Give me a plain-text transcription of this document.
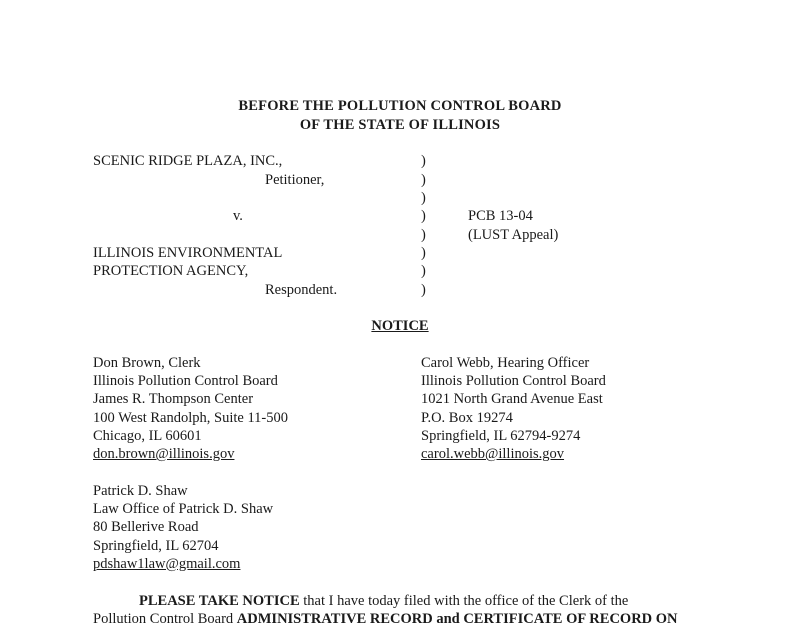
BEFORE THE POLLUTION CONTROL BOARD
OF THE STATE OF ILLINOIS
SCENIC RIDGE PLAZA, INC.,
Petitioner,
v.
ILLINOIS ENVIRONMENTAL
PROTECTION AGENCY,
Respondent.
)
)
)
)
)
)
)
)
PCB 13-04
(LUST Appeal)
NOTICE
Don Brown, Clerk
Illinois Pollution Control Board
James R. Thompson Center
100 West Randolph, Suite 11-500
Chicago, IL 60601
don.brown@illinois.gov
Carol Webb, Hearing Officer
Illinois Pollution Control Board
1021 North Grand Avenue East
P.O. Box 19274
Springfield, IL 62794-9274
carol.webb@illinois.gov
Patrick D. Shaw
Law Office of Patrick D. Shaw
80 Bellerive Road
Springfield, IL 62704
pdshaw1law@gmail.com
PLEASE TAKE NOTICE that I have today filed with the office of the Clerk of the
Pollution Control Board ADMINISTRATIVE RECORD and CERTIFICATE OF RECORD ON
